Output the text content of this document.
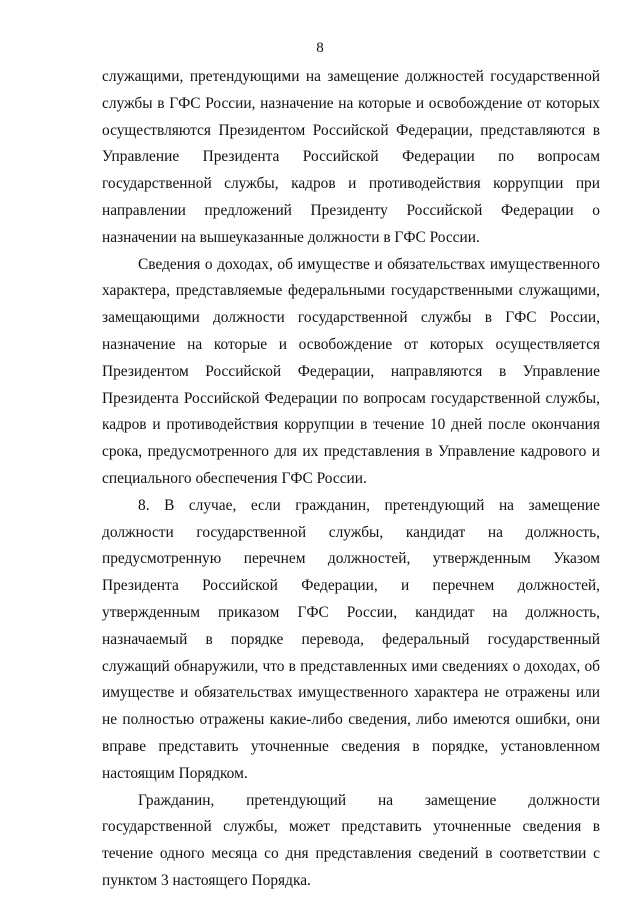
8

служащими, претендующими на замещение должностей государственной службы в ГФС России, назначение на которые и освобождение от которых осуществляются Президентом Российской Федерации, представляются в Управление Президента Российской Федерации по вопросам государственной службы, кадров и противодействия коррупции при направлении предложений Президенту Российской Федерации о назначении на вышеуказанные должности в ГФС России.

Сведения о доходах, об имуществе и обязательствах имущественного характера, представляемые федеральными государственными служащими, замещающими должности государственной службы в ГФС России, назначение на которые и освобождение от которых осуществляется Президентом Российской Федерации, направляются в Управление Президента Российской Федерации по вопросам государственной службы, кадров и противодействия коррупции в течение 10 дней после окончания срока, предусмотренного для их представления в Управление кадрового и специального обеспечения ГФС России.

8. В случае, если гражданин, претендующий на замещение должности государственной службы, кандидат на должность, предусмотренную перечнем должностей, утвержденным Указом Президента Российской Федерации, и перечнем должностей, утвержденным приказом ГФС России, кандидат на должность, назначаемый в порядке перевода, федеральный государственный служащий обнаружили, что в представленных ими сведениях о доходах, об имуществе и обязательствах имущественного характера не отражены или не полностью отражены какие-либо сведения, либо имеются ошибки, они вправе представить уточненные сведения в порядке, установленном настоящим Порядком.

Гражданин, претендующий на замещение должности государственной службы, может представить уточненные сведения в течение одного месяца со дня представления сведений в соответствии с пунктом 3 настоящего Порядка.
